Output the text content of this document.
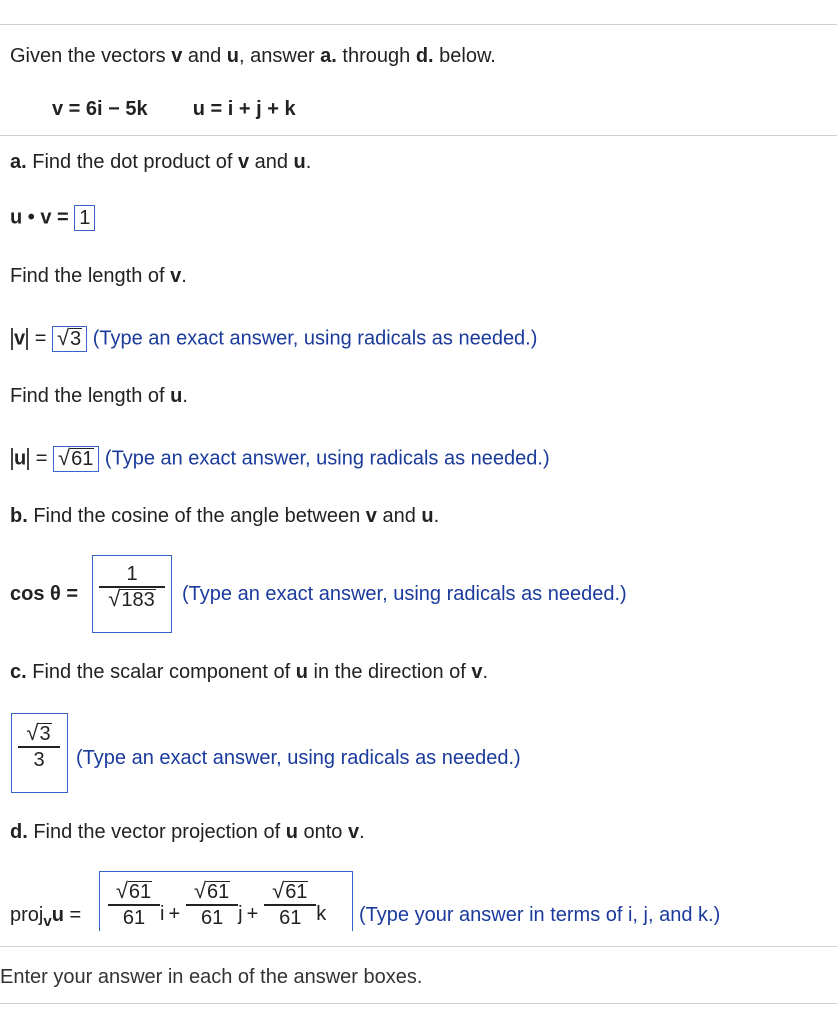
Given the vectors v and u, answer a. through d. below.
v = 6i − 5k u = i + j + k
a. Find the dot product of v and u.
u • v = 1
Find the length of v.
v = √ 3 (Type an exact answer, using radicals as needed.)
Find the length of u.
u = √ 61 (Type an exact answer, using radicals as needed.)
b. Find the cosine of the angle between v and u.
cos θ =
1
√ 183 (Type an exact answer, using radicals as needed.)
c. Find the scalar component of u in the direction of v.
√ 3
3 (Type an exact answer, using radicals as needed.)
d. Find the vector projection of u onto v.
proj$_v$u = $\frac{√ 61}{61}$ $i + \frac{√ 61}{61}$ $j + \frac{√ 61}{61}$ k (Type your answer in terms of i, j, and k.)
Enter your answer in each of the answer boxes.
